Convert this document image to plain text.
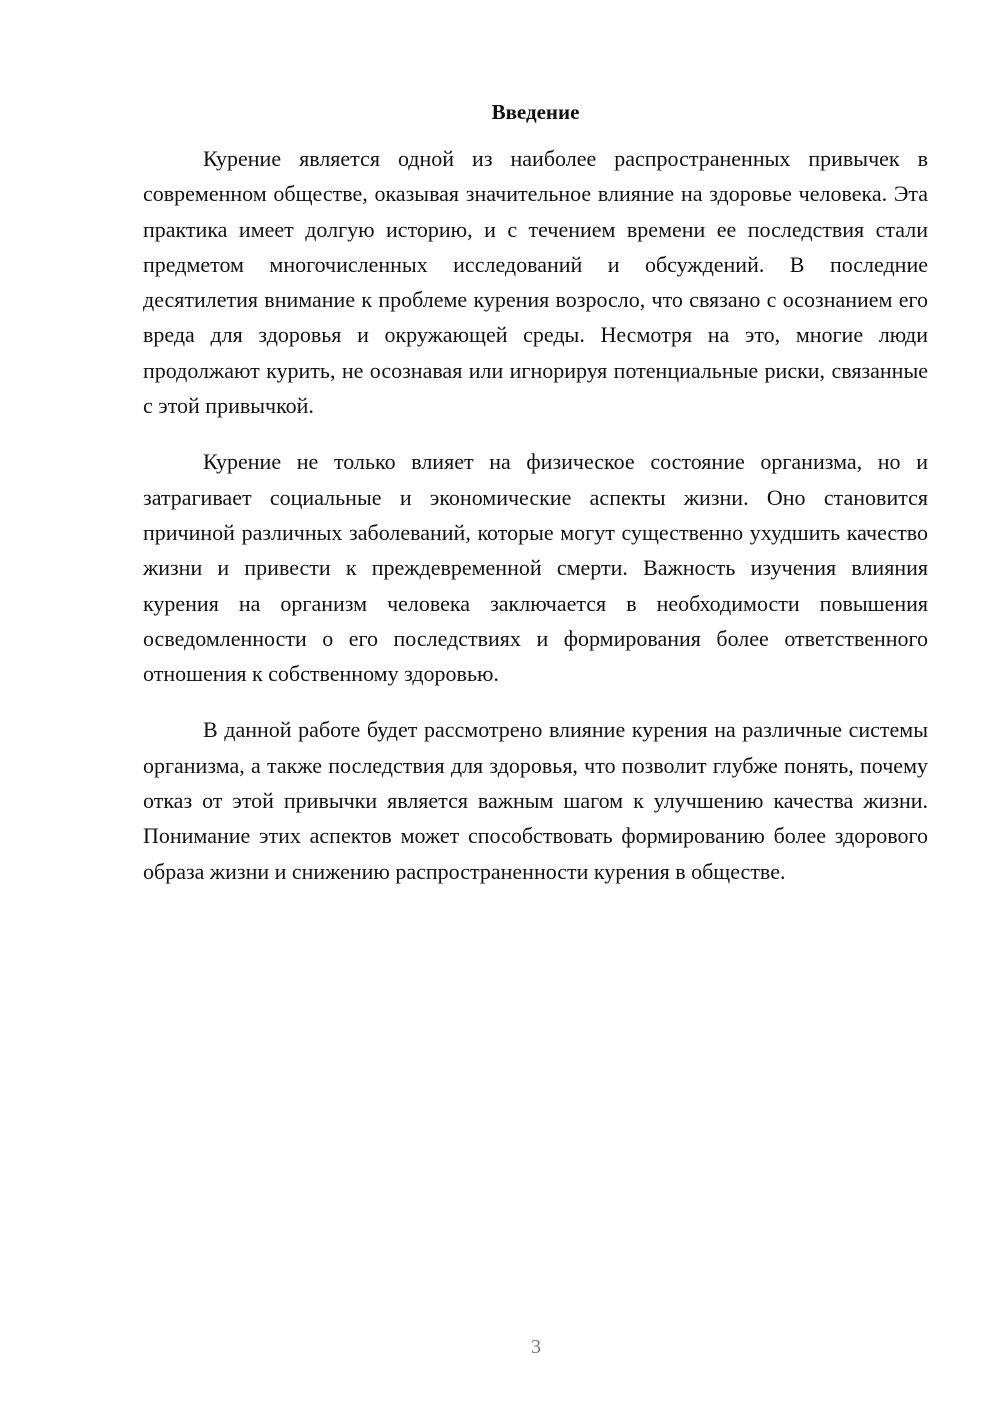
Введение

Курение является одной из наиболее распространенных привычек в современном обществе, оказывая значительное влияние на здоровье человека. Эта практика имеет долгую историю, и с течением времени ее последствия стали предметом многочисленных исследований и обсуждений. В последние десятилетия внимание к проблеме курения возросло, что связано с осознанием его вреда для здоровья и окружающей среды. Несмотря на это, многие люди продолжают курить, не осознавая или игнорируя потенциальные риски, связанные с этой привычкой.

Курение не только влияет на физическое состояние организма, но и затрагивает социальные и экономические аспекты жизни. Оно становится причиной различных заболеваний, которые могут существенно ухудшить качество жизни и привести к преждевременной смерти. Важность изучения влияния курения на организм человека заключается в необходимости повышения осведомленности о его последствиях и формирования более ответственного отношения к собственному здоровью.

В данной работе будет рассмотрено влияние курения на различные системы организма, а также последствия для здоровья, что позволит глубже понять, почему отказ от этой привычки является важным шагом к улучшению качества жизни. Понимание этих аспектов может способствовать формированию более здорового образа жизни и снижению распространенности курения в обществе.

3
